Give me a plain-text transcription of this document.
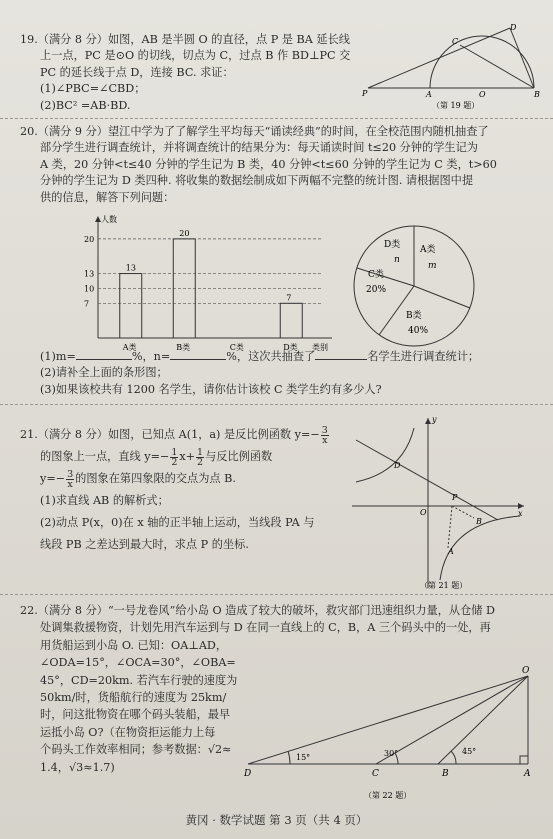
19.（满分 8 分）如图，AB 是半圆 O 的直径，点 P 是 BA 延长线

上一点，PC 是⊙O 的切线，切点为 C，过点 B 作 BD⊥PC 交

PC 的延长线于点 D，连接 BC. 求证：

(1)∠PBC=∠CBD；

(2)BC² =AB·BD.

D
C
P	A	O	B
（第 19 题）

20.（满分 9 分）望江中学为了了解学生平均每天“诵读经典”的时间，在全校范围内随机抽查了

部分学生进行调查统计，并将调查统计的结果分为：每天诵读时间 t≤20 分钟的学生记为

A 类，20 分钟<t≤40 分钟的学生记为 B 类，40 分钟<t≤60 分钟的学生记为 C 类，t>60

分钟的学生记为 D 类四种. 将收集的数据绘制成如下两幅不完整的统计图. 请根据图中提

供的信息，解答下列问题：

人数
类别
7
10
13
20
13
A类
20
B类	C类
7
D类
D类
n
A类
m
C类
20%
B类
40%

(1)m=	%，n=	%，这次共抽查了	名学生进行调查统计；

(2)请补全上面的条形图；

(3)如果该校共有 1200 名学生，请你估计该校 C 类学生约有多少人?

21.（满分 8 分）如图，已知点 A(1，a) 是反比例函数 $y=- \frac{3}{x}$

的图象上一点，直线 $y=- \frac{1}{2} x+ \frac{1}{2}$ 与反比例函数

$y=- \frac{3}{x}$ 的图象在第四象限的交点为点 B.

(1)求直线 AB 的解析式；

(2)动点 P(x，0)在 x 轴的正半轴上运动，当线段 PA 与

线段 PB 之差达到最大时，求点 P 的坐标.

y
D
P
O	x
B
A
（第 21 题）

22.（满分 8 分）“一号龙卷风”给小岛 O 造成了较大的破坏，救灾部门迅速组织力量，从仓储 D

处调集救援物资，计划先用汽车运到与 D 在同一直线上的 C，B，A 三个码头中的一处，再

用货船运到小岛 O. 已知：OA⊥AD，

∠ODA=15°，∠OCA=30°，∠OBA=

45°，CD=20km. 若汽车行驶的速度为

50km/时，货船航行的速度为 25km/

时，问这批物资在哪个码头装船，最早

运抵小岛 O?（在物资拒运能力上每

个码头工作效率相同；参考数据：√2≈

1.4，√3≈1.7)

O
D	C	B	A
15°	30°	45°
（第 22 题）
黄冈 · 数学试题 第 3 页（共 4 页）
